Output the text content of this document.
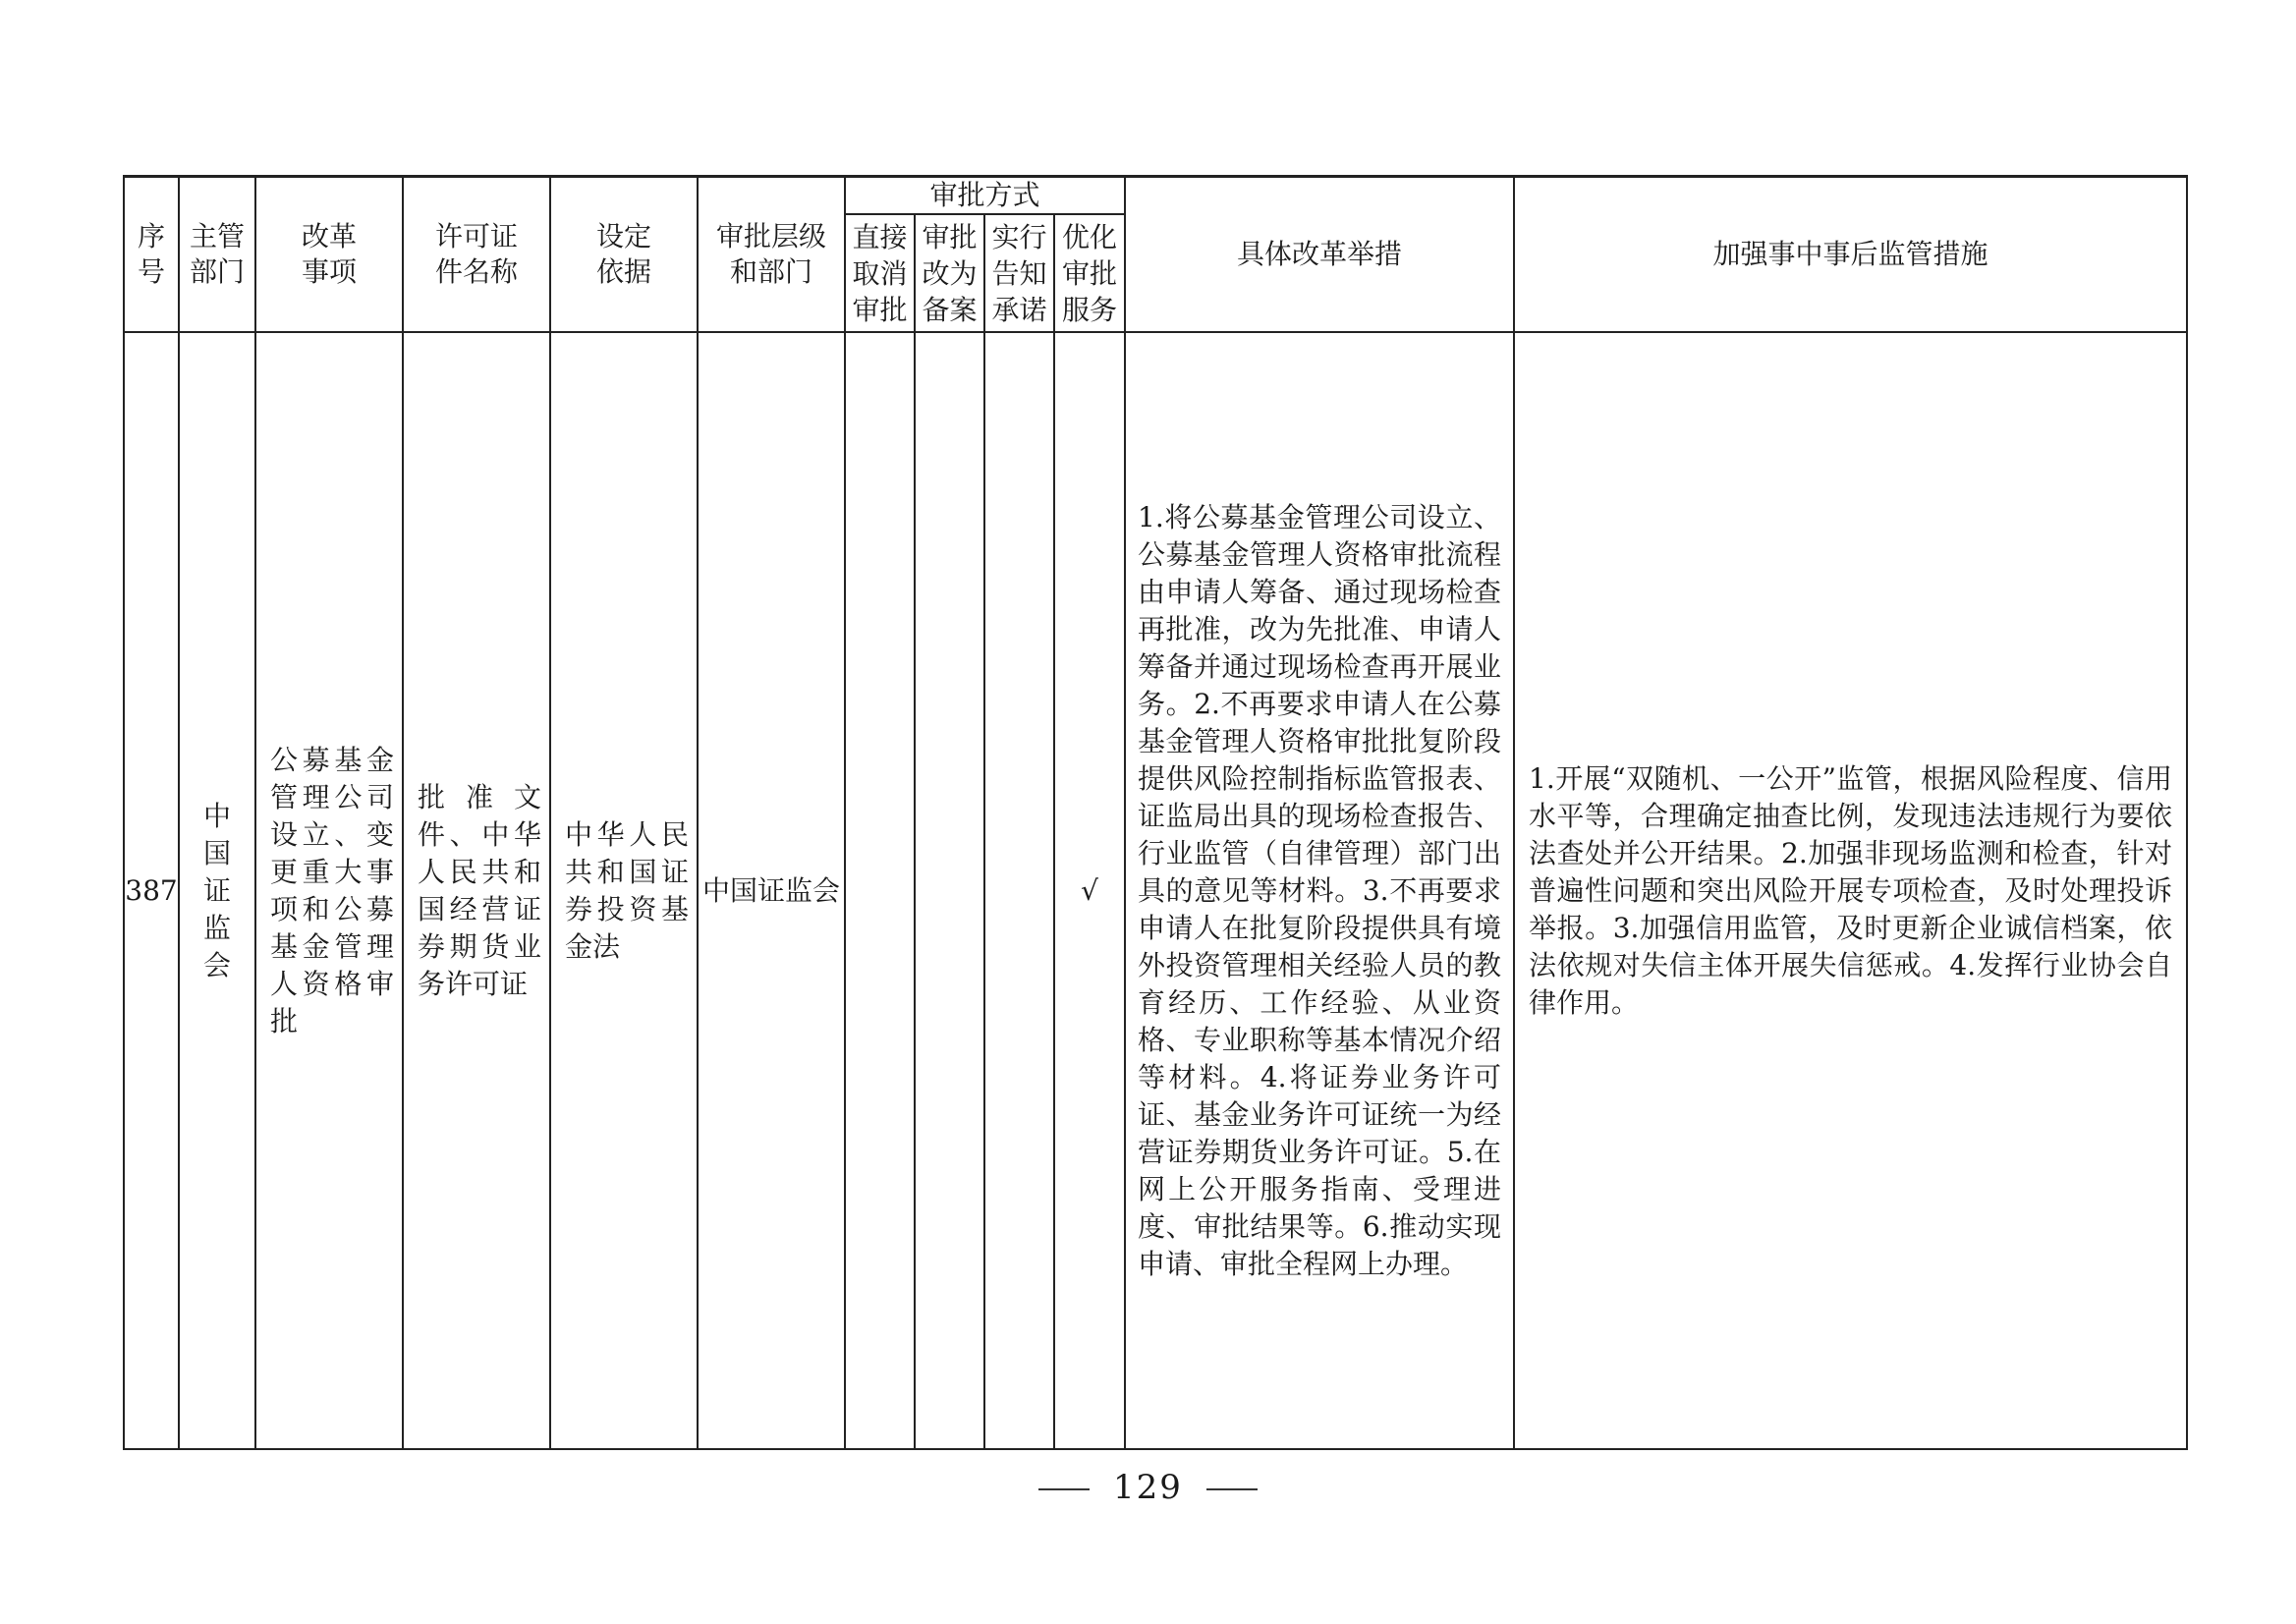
序号	主管部门	改革事项	许可证件名称	设定依据	审批层级和部门	审批方式				具体改革举措	加强事中事后监管措施
						直接取消审批	审批改为备案	实行告知承诺	优化审批服务		
387	中国证监会	公募基金管理公司设立、变更重大事项和公募基金管理人资格审批	批准文件、中华人民共和国经营证券期货业务许可证	中华人民共和国证券投资基金法	中国证监会				√	1.将公募基金管理公司设立、公募基金管理人资格审批流程由申请人筹备、通过现场检查再批准，改为先批准、申请人筹备并通过现场检查再开展业务。2.不再要求申请人在公募基金管理人资格审批批复阶段提供风险控制指标监管报表、证监局出具的现场检查报告、行业监管（自律管理）部门出具的意见等材料。3.不再要求申请人在批复阶段提供具有境外投资管理相关经验人员的教育经历、工作经验、从业资格、专业职称等基本情况介绍等材料。4.将证券业务许可证、基金业务许可证统一为经营证券期货业务许可证。5.在网上公开服务指南、受理进度、审批结果等。6.推动实现申请、审批全程网上办理。	1.开展“双随机、一公开”监管，根据风险程度、信用水平等，合理确定抽查比例，发现违法违规行为要依法查处并公开结果。2.加强非现场监测和检查，针对普遍性问题和突出风险开展专项检查，及时处理投诉举报。3.加强信用监管，及时更新企业诚信档案，依法依规对失信主体开展失信惩戒。4.发挥行业协会自律作用。
129
